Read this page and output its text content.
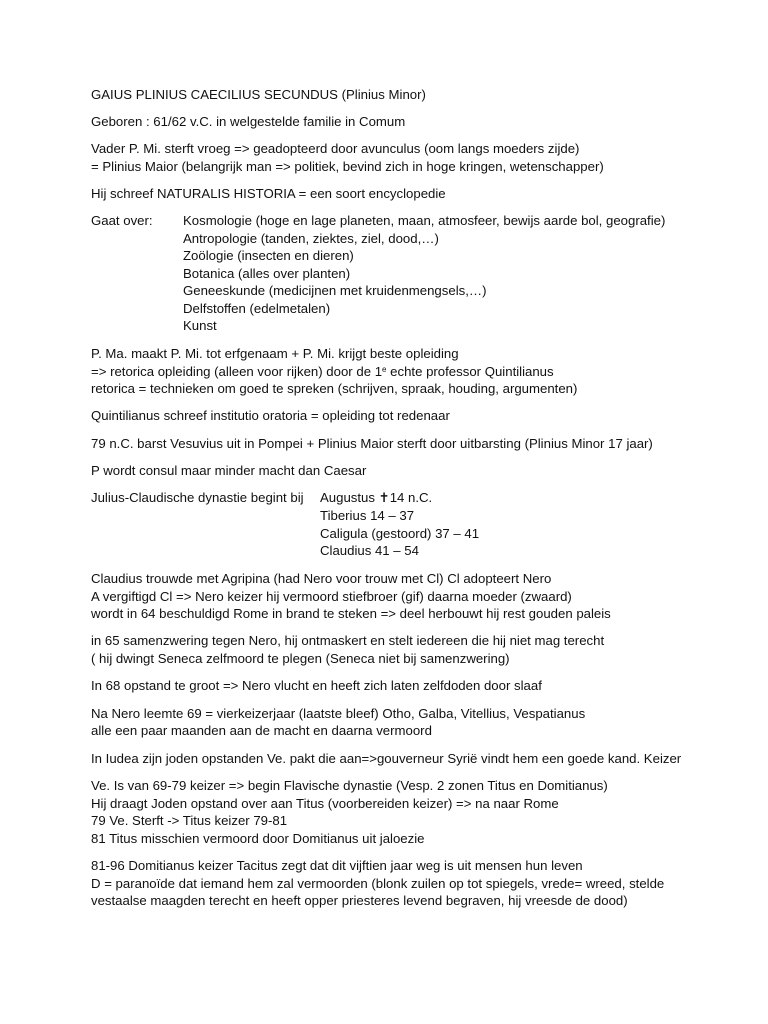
GAIUS PLINIUS CAECILIUS SECUNDUS (Plinius Minor)
Geboren : 61/62 v.C. in welgestelde familie in Comum
Vader P. Mi. sterft vroeg => geadopteerd door avunculus (oom langs moeders zijde)
= Plinius Maior (belangrijk man => politiek, bevind zich in hoge kringen, wetenschapper)
Hij schreef NATURALIS HISTORIA = een soort encyclopedie
Gaat over: Kosmologie (hoge en lage planeten, maan, atmosfeer, bewijs aarde bol, geografie)
Antropologie (tanden, ziektes, ziel, dood,…)
Zoölogie (insecten en dieren)
Botanica (alles over planten)
Geneeskunde (medicijnen met kruidenmengsels,…)
Delfstoffen (edelmetalen)
Kunst
P. Ma. maakt P. Mi. tot erfgenaam + P. Mi. krijgt beste opleiding
=> retorica opleiding (alleen voor rijken) door de 1e echte professor Quintilianus
retorica = technieken om goed te spreken (schrijven, spraak, houding, argumenten)
Quintilianus schreef institutio oratoria = opleiding tot redenaar
79 n.C. barst Vesuvius uit in Pompei + Plinius Maior sterft door uitbarsting (Plinius Minor 17 jaar)
P wordt consul maar minder macht dan Caesar
Julius-Claudische dynastie begint bij Augustus ✝14 n.C.
Tiberius 14 – 37
Caligula (gestoord) 37 – 41
Claudius 41 – 54
Claudius trouwde met Agripina (had Nero voor trouw met Cl) Cl adopteert Nero
A vergiftigd Cl => Nero keizer hij vermoord stiefbroer (gif) daarna moeder (zwaard)
wordt in 64 beschuldigd Rome in brand te steken => deel herbouwt hij rest gouden paleis
in 65 samenzwering tegen Nero, hij ontmaskert en stelt iedereen die hij niet mag terecht
( hij dwingt Seneca zelfmoord te plegen (Seneca niet bij samenzwering)
In 68 opstand te groot => Nero vlucht en heeft zich laten zelfdoden door slaaf
Na Nero leemte 69 = vierkeizerjaar (laatste bleef) Otho, Galba, Vitellius, Vespatianus
alle een paar maanden aan de macht en daarna vermoord
In Iudea zijn joden opstanden Ve. pakt die aan=>gouverneur Syrië vindt hem een goede kand. Keizer
Ve. Is van 69-79 keizer => begin Flavische dynastie (Vesp. 2 zonen Titus en Domitianus)
Hij draagt Joden opstand over aan Titus (voorbereiden keizer) => na naar Rome
79 Ve. Sterft -> Titus keizer 79-81
81 Titus misschien vermoord door Domitianus uit jaloezie
81-96 Domitianus keizer Tacitus zegt dat dit vijftien jaar weg is uit mensen hun leven
D = paranoïde dat iemand hem zal vermoorden (blonk zuilen op tot spiegels, vrede= wreed, stelde
vestaalse maagden terecht en heeft opper priesteres levend begraven, hij vreesde de dood)
